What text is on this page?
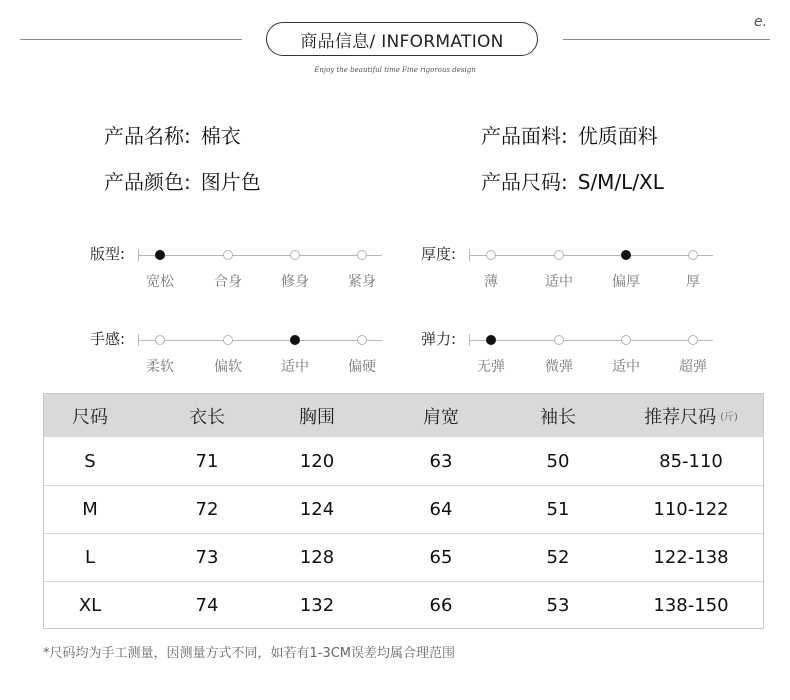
商品信息/ INFORMATION
e.
Enjoy the beautiful time Fine rigorous design
产品名称: 棉衣	产品面料: 优质面料
产品颜色: 图片色	产品尺码: S/M/L/XL
版型:
宽松	合身	修身	紧身
厚度:
薄	适中	偏厚	厚
手感:
柔软	偏软	适中	偏硬
弹力:
无弹	微弹	适中	超弹
尺码	衣长	胸围	肩宽	袖长	推荐尺码 (斤)
S	71	120	63	50	85-110
M	72	124	64	51	110-122
L	73	128	65	52	122-138
XL	74	132	66	53	138-150
*尺码均为手工测量，因测量方式不同，如若有1-3CM误差均属合理范围
